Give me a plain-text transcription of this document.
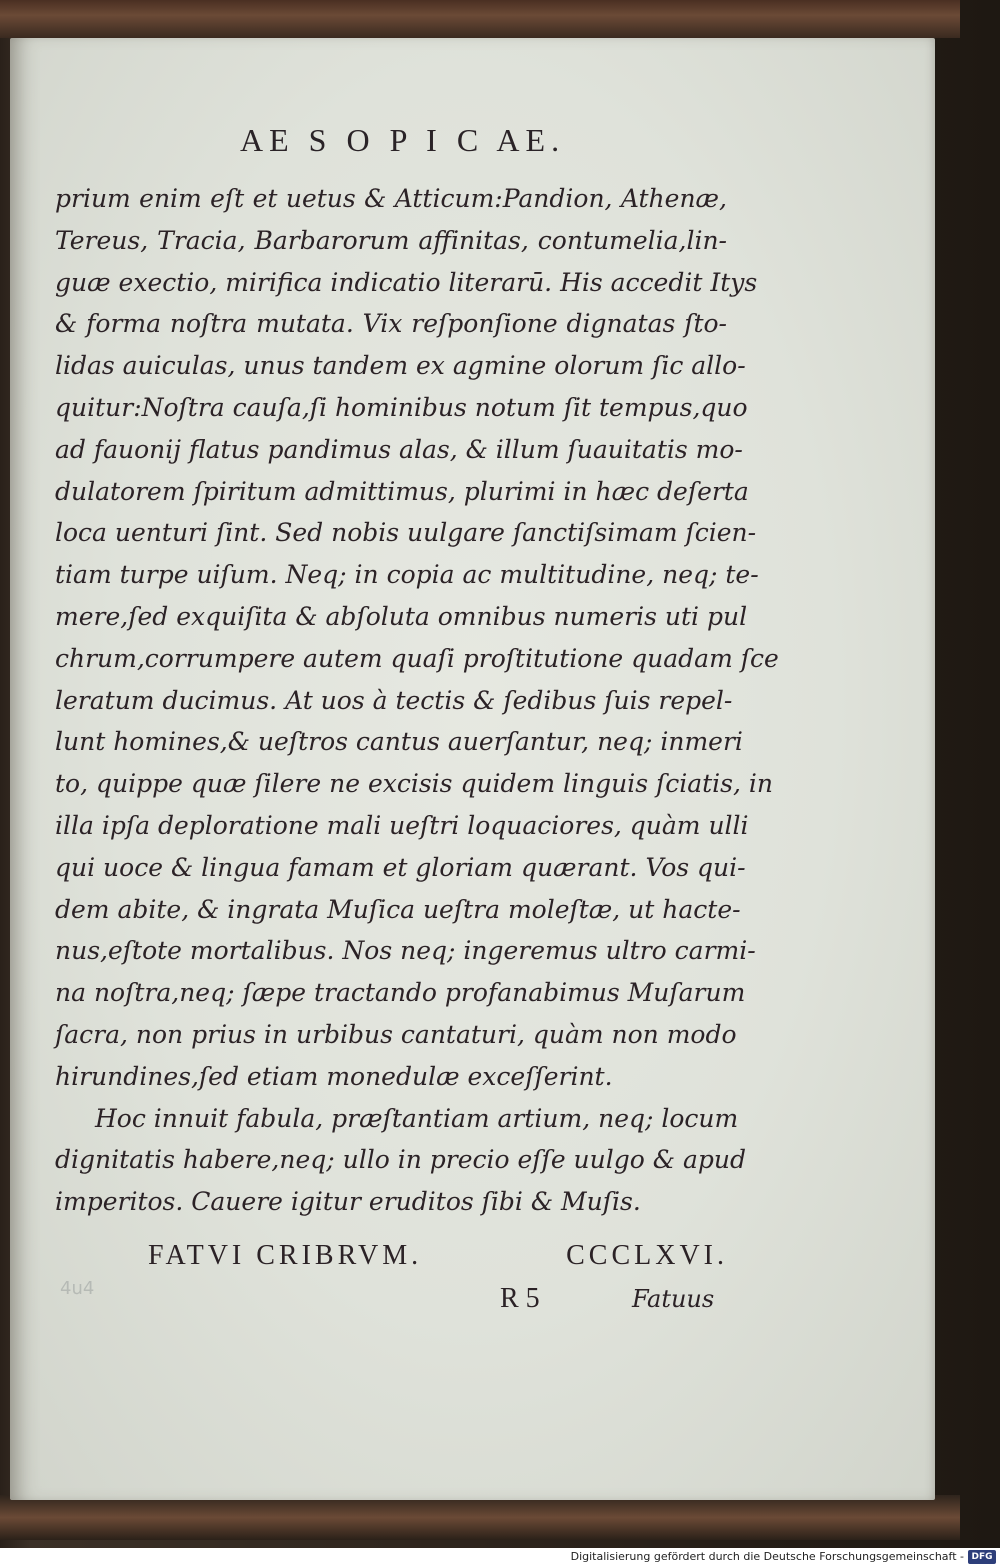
AE S O P I C AE.
prium enim eſt et uetus & Atticum:Pandion, Athenæ,
Tereus, Tracia, Barbarorum affinitas, contumelia,lin-
guæ exectio, mirifica indicatio literarū. His accedit Itys
& forma noſtra mutata. Vix reſponſione dignatas ſto-
lidas auiculas, unus tandem ex agmine olorum ſic allo-
quitur:Noſtra cauſa,ſi hominibus notum ſit tempus,quo
ad fauonij flatus pandimus alas, & illum ſuauitatis mo-
dulatorem ſpiritum admittimus, plurimi in hæc deſerta
loca uenturi ſint. Sed nobis uulgare ſanctiſsimam ſcien-
tiam turpe uiſum. Neq; in copia ac multitudine, neq; te-
mere,ſed exquiſita & abſoluta omnibus numeris uti pul
chrum,corrumpere autem quaſi proſtitutione quadam ſce
leratum ducimus. At uos à tectis & ſedibus ſuis repel-
lunt homines,& ueſtros cantus auerſantur, neq; inmeri
to, quippe quæ ſilere ne excisis quidem linguis ſciatis, in
illa ipſa deploratione mali ueſtri loquaciores, quàm ulli
qui uoce & lingua famam et gloriam quærant. Vos qui-
dem abite, & ingrata Muſica ueſtra moleſtæ, ut hacte-
nus,eſtote mortalibus. Nos neq; ingeremus ultro carmi-
na noſtra,neq; ſæpe tractando profanabimus Muſarum
ſacra, non prius in urbibus cantaturi, quàm non modo
hirundines,ſed etiam monedulæ exceſſerint.
Hoc innuit fabula, præſtantiam artium, neq; locum
dignitatis habere,neq; ullo in precio eſſe uulgo & apud
imperitos. Cauere igitur eruditos ſibi & Muſis.
FATVI CRIBRVM.	CCCLXVI.
4u4	R 5	Fatuus
Digitalisierung gefördert durch die Deutsche Forschungsgemeinschaft - DFG
